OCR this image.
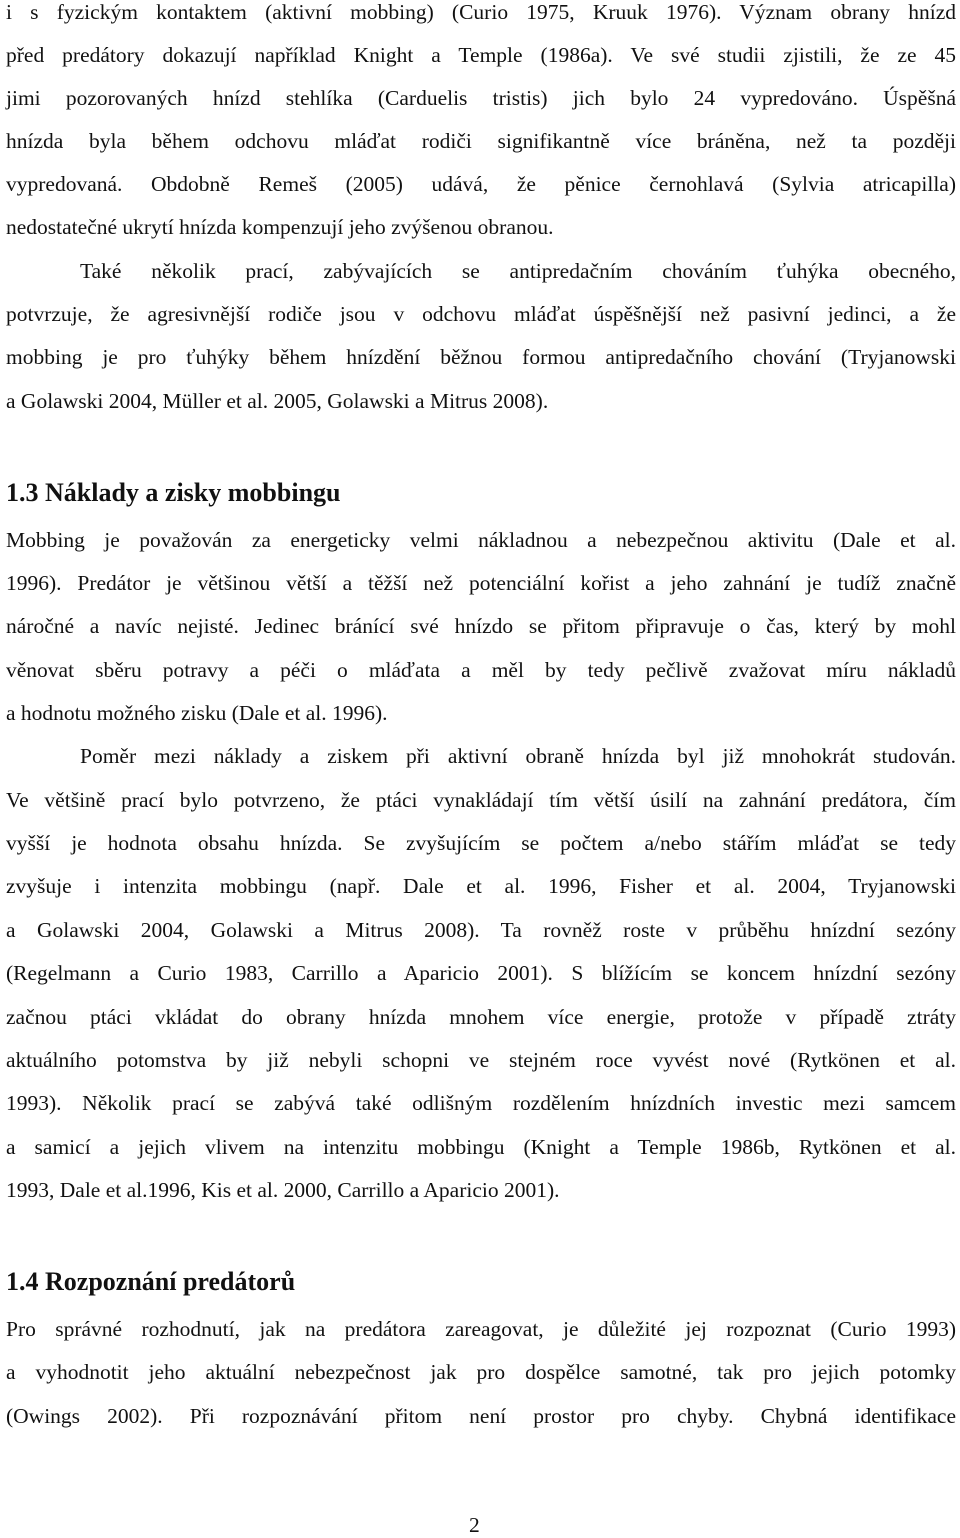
i s fyzickým kontaktem (aktivní mobbing) (Curio 1975, Kruuk 1976). Význam obrany hnízd
před predátory dokazují například Knight a Temple (1986a). Ve své studii zjistili, že ze 45
jimi pozorovaných hnízd stehlíka (Carduelis tristis) jich bylo 24 vypredováno. Úspěšná
hnízda byla během odchovu mláďat rodiči signifikantně více bráněna, než ta později
vypredovaná. Obdobně Remeš (2005) udává, že pěnice černohlavá (Sylvia atricapilla)
nedostatečné ukrytí hnízda kompenzují jeho zvýšenou obranou.
Také několik prací, zabývajících se antipredačním chováním ťuhýka obecného,
potvrzuje, že agresivnější rodiče jsou v odchovu mláďat úspěšnější než pasivní jedinci, a že
mobbing je pro ťuhýky během hnízdění běžnou formou antipredačního chování (Tryjanowski
a Golawski 2004, Müller et al. 2005, Golawski a Mitrus 2008).
1.3 Náklady a zisky mobbingu
Mobbing je považován za energeticky velmi nákladnou a nebezpečnou aktivitu (Dale et al.
1996). Predátor je většinou větší a těžší než potenciální kořist a jeho zahnání je tudíž značně
náročné a navíc nejisté. Jedinec bránící své hnízdo se přitom připravuje o čas, který by mohl
věnovat sběru potravy a péči o mláďata a měl by tedy pečlivě zvažovat míru nákladů
a hodnotu možného zisku (Dale et al. 1996).
Poměr mezi náklady a ziskem při aktivní obraně hnízda byl již mnohokrát studován.
Ve většině prací bylo potvrzeno, že ptáci vynakládají tím větší úsilí na zahnání predátora, čím
vyšší je hodnota obsahu hnízda. Se zvyšujícím se počtem a/nebo stářím mláďat se tedy
zvyšuje i intenzita mobbingu (např. Dale et al. 1996, Fisher et al. 2004, Tryjanowski
a Golawski 2004, Golawski a Mitrus 2008). Ta rovněž roste v průběhu hnízdní sezóny
(Regelmann a Curio 1983, Carrillo a Aparicio 2001). S blížícím se koncem hnízdní sezóny
začnou ptáci vkládat do obrany hnízda mnohem více energie, protože v případě ztráty
aktuálního potomstva by již nebyli schopni ve stejném roce vyvést nové (Rytkönen et al.
1993). Několik prací se zabývá také odlišným rozdělením hnízdních investic mezi samcem
a samicí a jejich vlivem na intenzitu mobbingu (Knight a Temple 1986b, Rytkönen et al.
1993, Dale et al.1996, Kis et al. 2000, Carrillo a Aparicio 2001).
1.4 Rozpoznání predátorů
Pro správné rozhodnutí, jak na predátora zareagovat, je důležité jej rozpoznat (Curio 1993)
a vyhodnotit jeho aktuální nebezpečnost jak pro dospělce samotné, tak pro jejich potomky
(Owings 2002). Při rozpoznávání přitom není prostor pro chyby. Chybná identifikace
2
